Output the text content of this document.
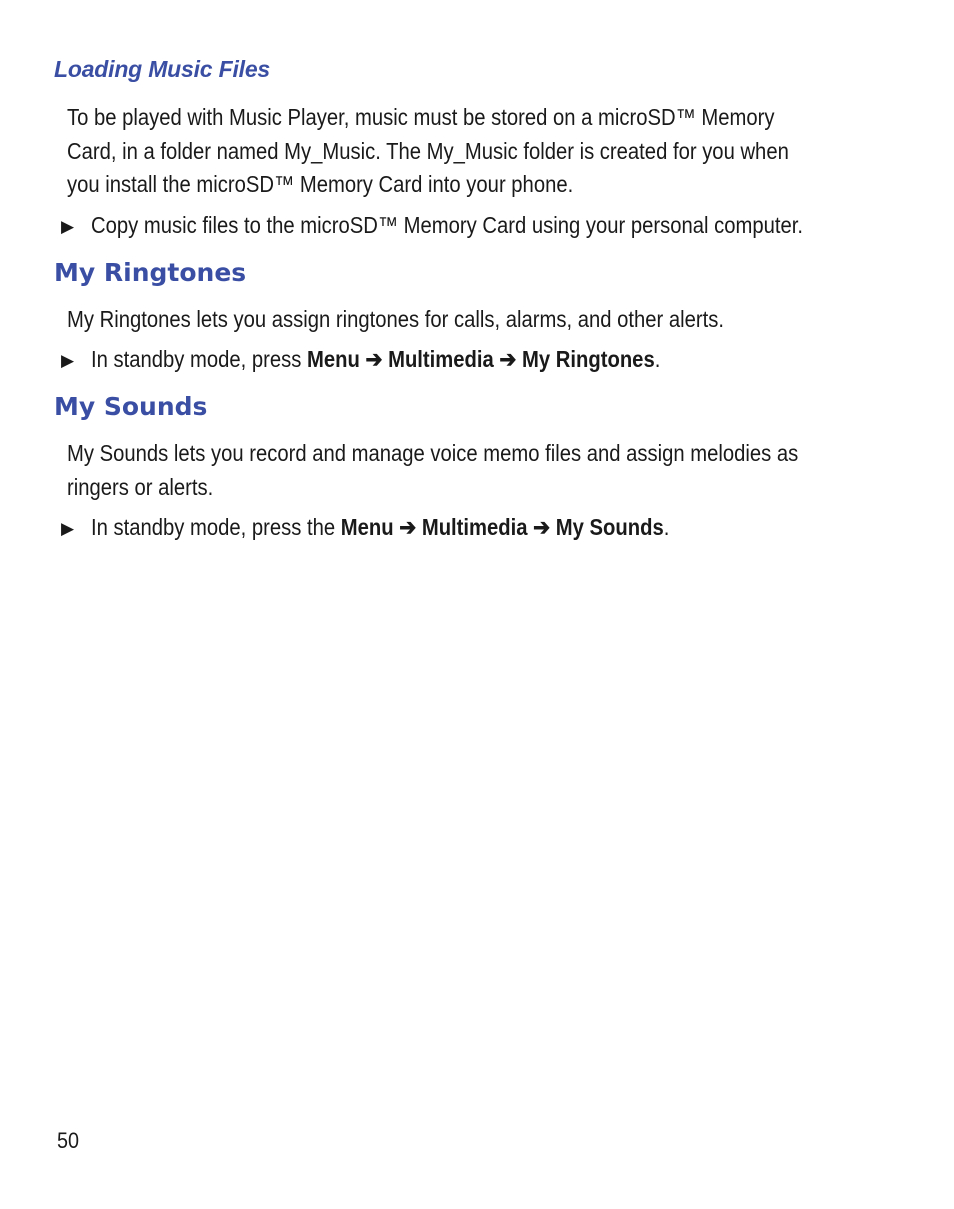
Loading Music Files
To be played with Music Player, music must be stored on a microSD™ Memory
Card, in a folder named My_Music. The My_Music folder is created for you when
you install the microSD™ Memory Card into your phone.
▶ Copy music files to the microSD™ Memory Card using your personal computer.
My Ringtones
My Ringtones lets you assign ringtones for calls, alarms, and other alerts.
▶ In standby mode, press Menu ➔ Multimedia ➔ My Ringtones.
My Sounds
My Sounds lets you record and manage voice memo files and assign melodies as
ringers or alerts.
▶ In standby mode, press the Menu ➔ Multimedia ➔ My Sounds.
50
